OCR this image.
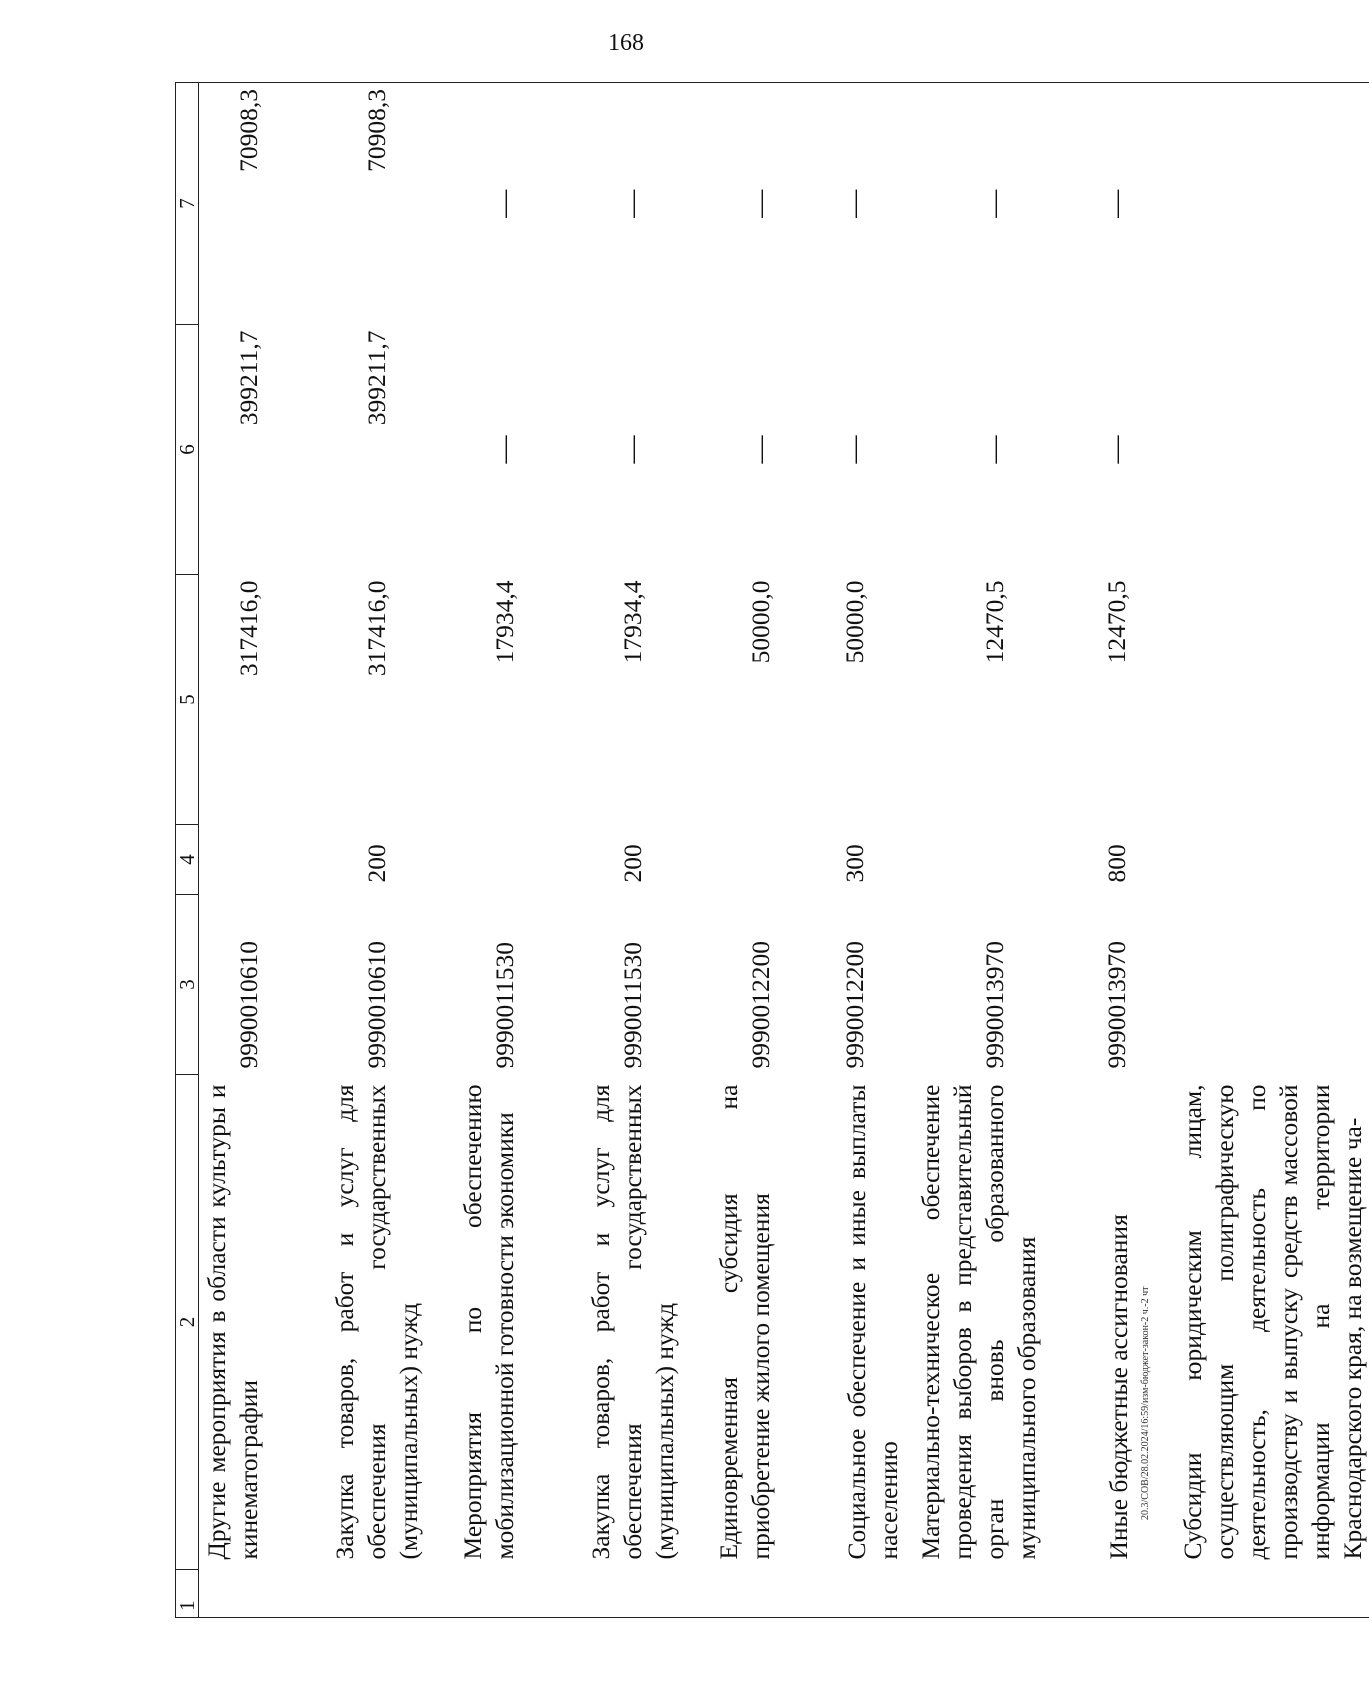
168
20.3/СОВ/28.02.2024/16:59/изм-бюджет-закон-2 ч.-2 чт
1	2	3	4	5	6	7
	Другие мероприятия в области культуры и кинематографии	9990010610		317416,0	399211,7	70908,3
	Закупка товаров, работ и услуг для обеспечения государственных (муниципальных) нужд	9990010610	200	317416,0	399211,7	70908,3
	Мероприятия по обеспечению мобилизационной готовности экономики	9990011530		17934,4	—	—

	Закупка товаров, работ и услуг для обеспечения государственных (муниципальных) нужд	9990011530	200	17934,4	—	—

	Единовременная субсидия на приобретение жилого помещения	9990012200		50000,0	—	—

	Социальное обеспечение и иные выплаты населению	9990012200	300	50000,0	—	—

	Материально-техническое обеспечение проведения выборов в представительный орган вновь образованного муниципального образования	9990013970		12470,5	—	—

	Иные бюджетные ассигнования	9990013970	800	12470,5	—	—

	Субсидии юридическим лицам, осуществляющим полиграфическую деятельность, деятельность по производству и выпуску средств массовой информации на территории Краснодарского края, на возмещение ча-					
